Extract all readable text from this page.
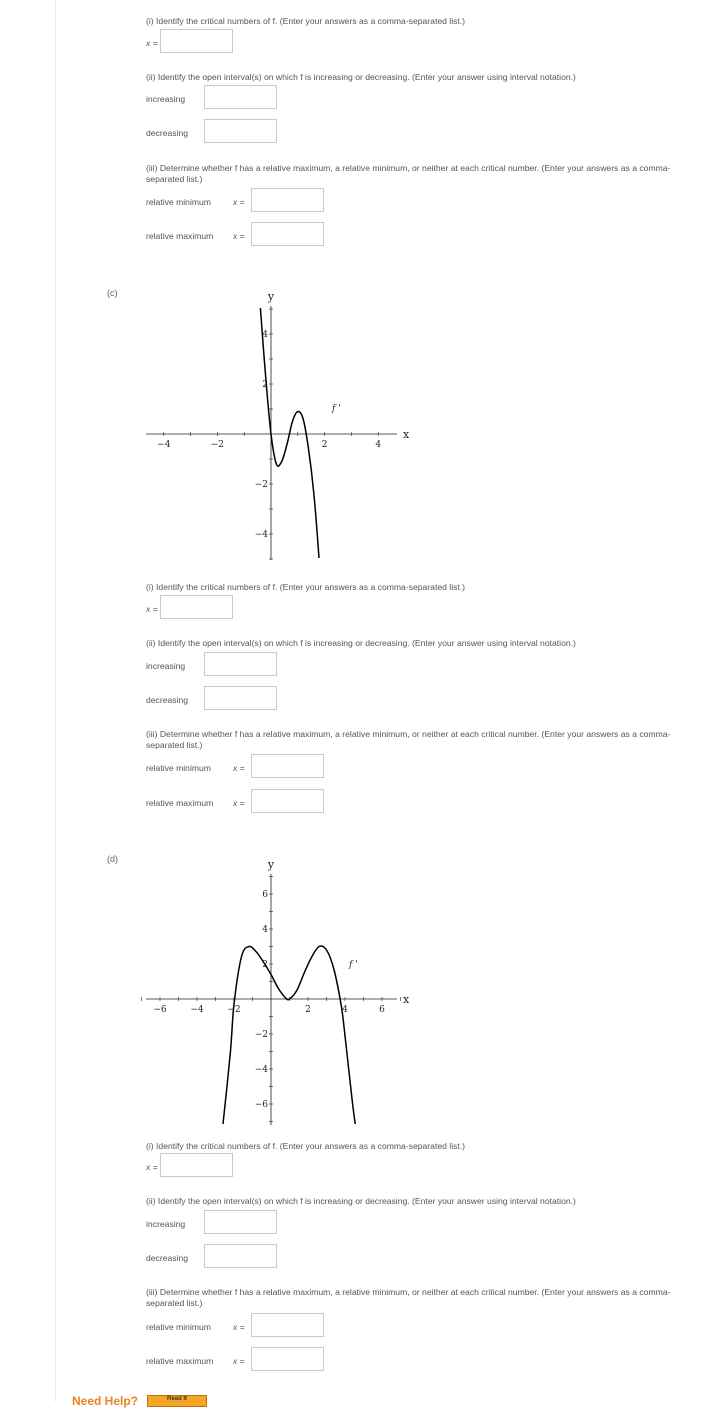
(i) Identify the critical numbers of f. (Enter your answers as a comma-separated list.)
x =
(ii) Identify the open interval(s) on which f is increasing or decreasing. (Enter your answer using interval notation.)
increasing
decreasing
(iii) Determine whether f has a relative maximum, a relative minimum, or neither at each critical number. (Enter your answers as a comma-separated list.)
relative minimum	x =
relative maximum x =
(c)
−4	−2	2	4
4
2
−2
−4
x
y
f '
(i) Identify the critical numbers of f. (Enter your answers as a comma-separated list.)
x =
(ii) Identify the open interval(s) on which f is increasing or decreasing. (Enter your answer using interval notation.)
increasing
decreasing
(iii) Determine whether f has a relative maximum, a relative minimum, or neither at each critical number. (Enter your answers as a comma-separated list.)
relative minimum	x =
relative maximum x =
(d)
−6	−4	−2	2	4	6
6
4
2
−2
−4
−6
x
y
f '
(i) Identify the critical numbers of f. (Enter your answers as a comma-separated list.)
x =
(ii) Identify the open interval(s) on which f is increasing or decreasing. (Enter your answer using interval notation.)
increasing
decreasing
(iii) Determine whether f has a relative maximum, a relative minimum, or neither at each critical number. (Enter your answers as a comma-separated list.)
relative minimum	x =
relative maximum x =
Need Help?	Read It
